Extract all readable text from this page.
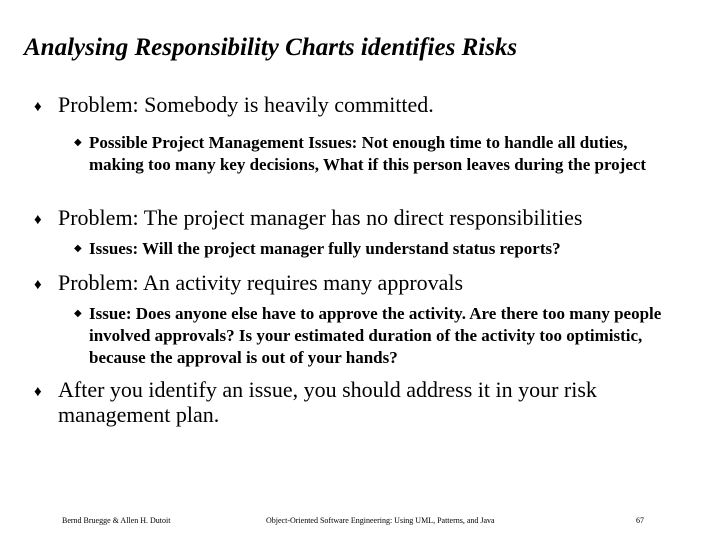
Analysing Responsibility Charts identifies Risks
♦ Problem: Somebody is heavily committed.
◆ Possible Project Management Issues: Not enough time to handle all duties, making too many key decisions, What if this person leaves during the project
♦ Problem: The project manager has no direct responsibilities
◆ Issues: Will the project manager fully understand status reports?
♦ Problem: An activity requires many approvals
◆ Issue: Does anyone else have to approve the activity. Are there too many people involved approvals? Is your estimated duration of the activity too optimistic, because the approval is out of your hands?
♦ After you identify an issue, you should address it in your risk management plan.
Bernd Bruegge & Allen H. Dutoit	Object-Oriented Software Engineering: Using UML, Patterns, and Java	67
